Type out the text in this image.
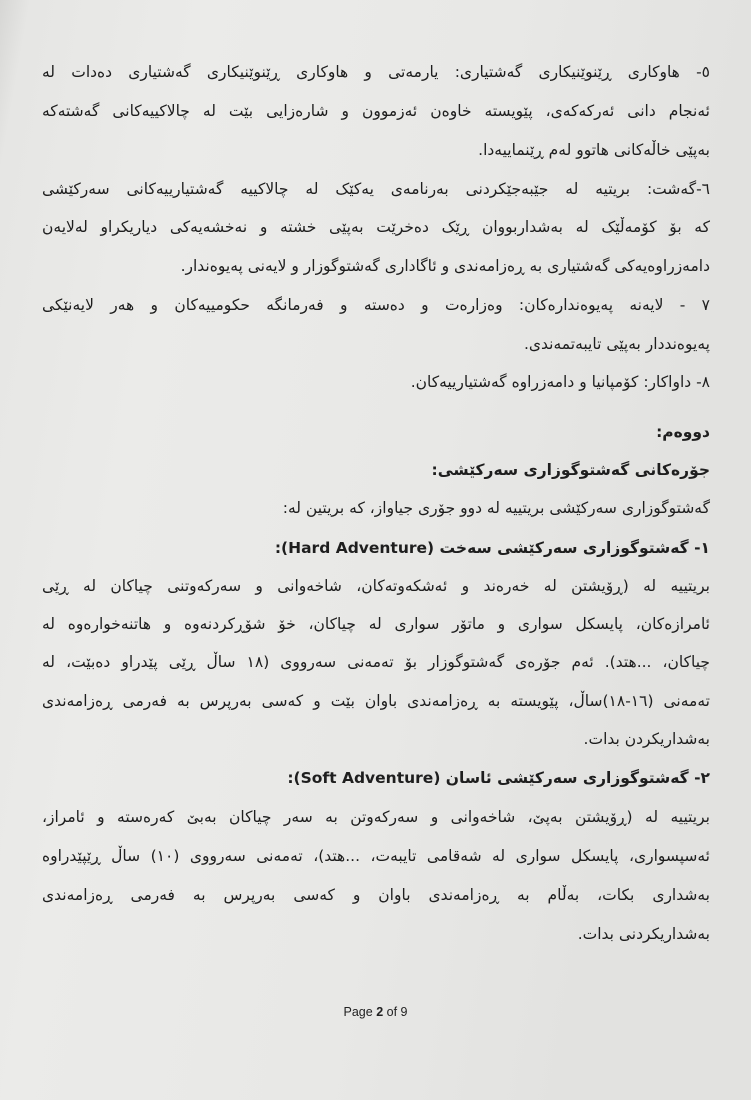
٥- هاوکاری ڕێنوێنیکاری گەشتیاری: یارمەتی و هاوکاری ڕێنوێنیکاری گەشتیاری دەدات لە
ئەنجام دانی ئەرکەکەی، پێویستە خاوەن ئەزموون و شارەزایی بێت لە چالاکییەکانی گەشتەکە
بەپێی خاڵەکانی هاتوو لەم ڕێنماییەدا.
٦-گەشت: بریتیە لە جێبەجێکردنی بەرنامەی یەکێک لە چالاکییە گەشتیارییەکانی سەرکێشی
کە بۆ کۆمەڵێک لە بەشداربووان ڕێک دەخرێت بەپێی خشتە و نەخشەیەکی دیاریکراو لەلایەن
دامەزراوەیەکی گەشتیاری بە ڕەزامەندی و ئاگاداری گەشتوگوزار و لایەنی پەیوەندار.
٧ - لایەنە پەیوەندارەکان: وەزارەت و دەستە و فەرمانگە حکومییەکان و هەر لایەنێکی
پەیوەنددار بەپێی تایبەتمەندی.
٨- داواکار: کۆمپانیا و دامەزراوە گەشتیارییەکان.
دووەم:
جۆرەکانی گەشتوگوزاری سەرکێشی:
گەشتوگوزاری سەرکێشی بریتییە لە دوو جۆری جیاواز، کە بریتین لە:
١- گەشتوگوزاری سەرکێشی سەخت (Hard Adventure):
بریتییە لە (ڕۆیشتن لە خەرەند و ئەشکەوتەکان، شاخەوانی و سەرکەوتنی چیاکان لە ڕێی
ئامرازەکان، پایسکل سواری و ماتۆر سواری لە چیاکان، خۆ شۆڕکردنەوە و هاتنەخوارەوە لە
چیاکان، ...هتد). ئەم جۆرەی گەشتوگوزار بۆ تەمەنی سەرووی (١٨ ساڵ ڕێی پێدراو دەبێت، لە
تەمەنی (١٦-١٨)ساڵ، پێویستە بە ڕەزامەندی باوان بێت و کەسی بەرپرس بە فەرمی ڕەزامەندی
بەشداریکردن بدات.
٢- گەشتوگوزاری سەرکێشی ئاسان (Soft Adventure):
بریتییە لە (ڕۆیشتن بەپێ، شاخەوانی و سەرکەوتن بە سەر چیاکان بەبێ کەرەستە و ئامراز،
ئەسپسواری، پایسکل سواری لە شەقامی تایبەت، ...هتد)، تەمەنی سەرووی (١٠) ساڵ ڕێپێدراوە
بەشداری بکات، بەڵام بە ڕەزامەندی باوان و کەسی بەرپرس بە فەرمی ڕەزامەندی
بەشداریکردنی بدات.
Page 2 of 9
